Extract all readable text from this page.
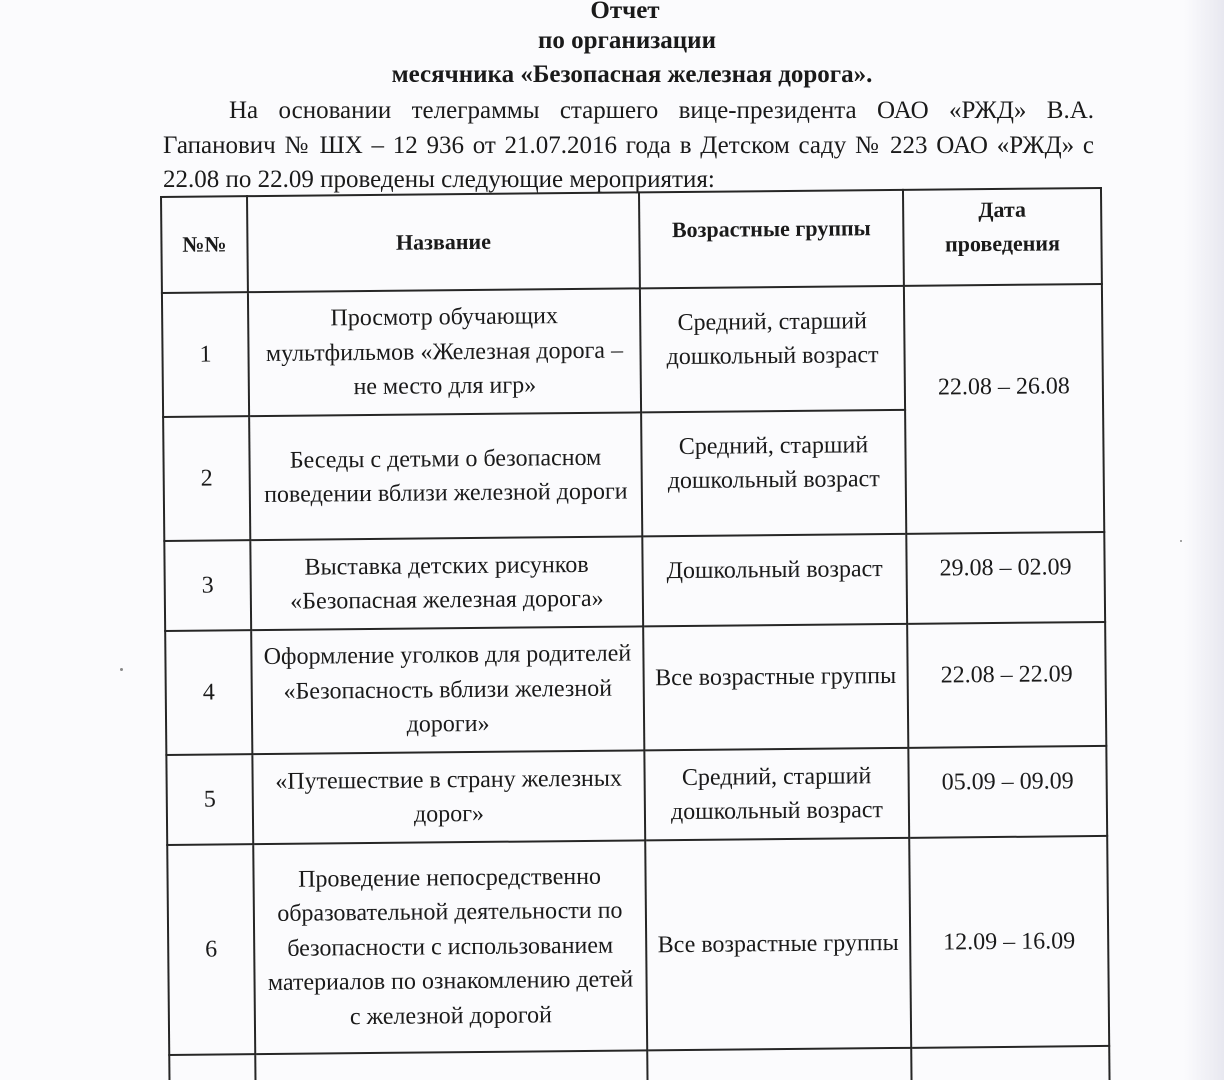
Отчет
по организации
месячника «Безопасная железная дорога».
На основании телеграммы старшего вице-президента ОАО «РЖД» В.А. Гапанович № ШХ – 12 936 от 21.07.2016 года в Детском саду № 223 ОАО «РЖД» с 22.08 по 22.09 проведены следующие мероприятия:
№№	Название	Возрастные группы	Дата проведения

1	Просмотр обучающих мультфильмов «Железная дорога – не место для игр»	Средний, старший дошкольный возраст	22.08 – 26.08

2	Беседы с детьми о безопасном поведении вблизи железной дороги	Средний, старший дошкольный возраст	

3	Выставка детских рисунков «Безопасная железная дорога»	Дошкольный возраст	29.08 – 02.09

4	Оформление уголков для родителей «Безопасность вблизи железной дороги»	Все возрастные группы	22.08 – 22.09

5	«Путешествие в страну железных дорог»	Средний, старший дошкольный возраст	05.09 – 09.09

6	Проведение непосредственно образовательной деятельности по безопасности с использованием материалов по ознакомлению детей с железной дорогой	Все возрастные группы	12.09 – 16.09
